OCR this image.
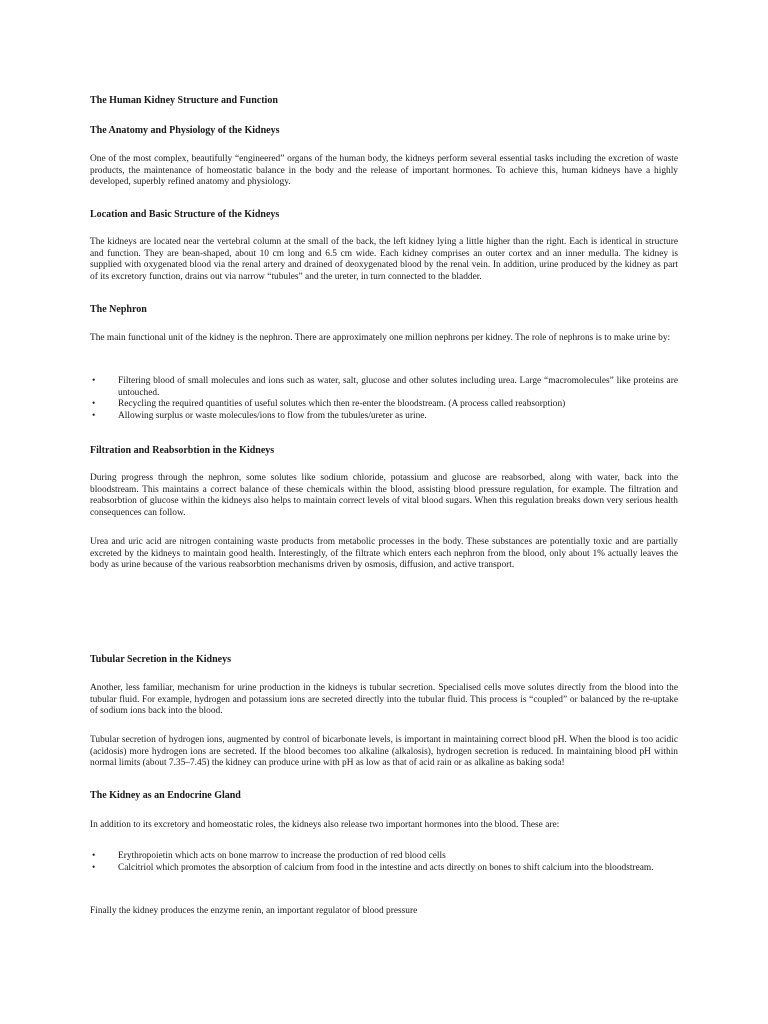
The Human Kidney Structure and Function
The Anatomy and Physiology of the Kidneys

One of the most complex, beautifully “engineered” organs of the human body, the kidneys perform several essential tasks including the excretion of waste products, the maintenance of homeostatic balance in the body and the release of important hormones. To achieve this, human kidneys have a highly developed, superbly refined anatomy and physiology.

Location and Basic Structure of the Kidneys

The kidneys are located near the vertebral column at the small of the back, the left kidney lying a little higher than the right. Each is identical in structure and function. They are bean-shaped, about 10 cm long and 6.5 cm wide. Each kidney comprises an outer cortex and an inner medulla. The kidney is supplied with oxygenated blood via the renal artery and drained of deoxygenated blood by the renal vein. In addition, urine produced by the kidney as part of its excretory function, drains out via narrow “tubules” and the ureter, in turn connected to the bladder.

The Nephron

The main functional unit of the kidney is the nephron. There are approximately one million nephrons per kidney. The role of nephrons is to make urine by:

•	Filtering blood of small molecules and ions such as water, salt, glucose and other solutes including urea. Large “macromolecules” like proteins are untouched.
•	Recycling the required quantities of useful solutes which then re-enter the bloodstream. (A process called reabsorption)
•	Allowing surplus or waste molecules/ions to flow from the tubules/ureter as urine.
Filtration and Reabsorbtion in the Kidneys

During progress through the nephron, some solutes like sodium chloride, potassium and glucose are reabsorbed, along with water, back into the bloodstream. This maintains a correct balance of these chemicals within the blood, assisting blood pressure regulation, for example. The filtration and reabsorbtion of glucose within the kidneys also helps to maintain correct levels of vital blood sugars. When this regulation breaks down very serious health consequences can follow.

Urea and uric acid are nitrogen containing waste products from metabolic processes in the body. These substances are potentially toxic and are partially excreted by the kidneys to maintain good health. Interestingly, of the filtrate which enters each nephron from the blood, only about 1% actually leaves the body as urine because of the various reabsorbtion mechanisms driven by osmosis, diffusion, and active transport.

Tubular Secretion in the Kidneys

Another, less familiar, mechanism for urine production in the kidneys is tubular secretion. Specialised cells move solutes directly from the blood into the tubular fluid. For example, hydrogen and potassium ions are secreted directly into the tubular fluid. This process is “coupled” or balanced by the re-uptake of sodium ions back into the blood.

Tubular secretion of hydrogen ions, augmented by control of bicarbonate levels, is important in maintaining correct blood pH. When the blood is too acidic (acidosis) more hydrogen ions are secreted. If the blood becomes too alkaline (alkalosis), hydrogen secretion is reduced. In maintaining blood pH within normal limits (about 7.35–7.45) the kidney can produce urine with pH as low as that of acid rain or as alkaline as baking soda!

The Kidney as an Endocrine Gland

In addition to its excretory and homeostatic roles, the kidneys also release two important hormones into the blood. These are:

•	Erythropoietin which acts on bone marrow to increase the production of red blood cells
•	Calcitriol which promotes the absorption of calcium from food in the intestine and acts directly on bones to shift calcium into the bloodstream.

Finally the kidney produces the enzyme renin, an important regulator of blood pressure
